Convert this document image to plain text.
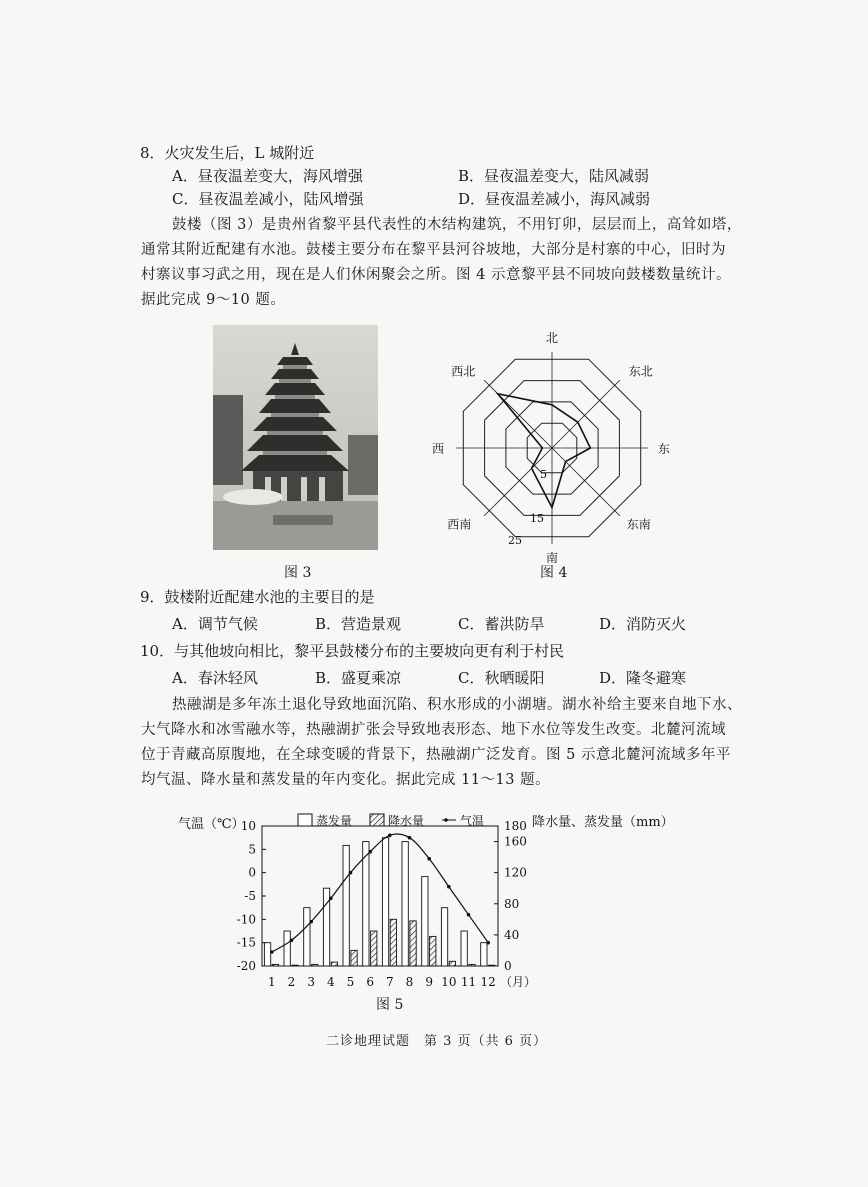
8．火灾发生后，L 城附近
A．昼夜温差变大，海风增强	B．昼夜温差变大，陆风减弱
C．昼夜温差减小，陆风增强	D．昼夜温差减小，海风减弱
鼓楼（图 3）是贵州省黎平县代表性的木结构建筑，不用钉卯，层层而上，高耸如塔，
通常其附近配建有水池。鼓楼主要分布在黎平县河谷坡地，大部分是村寨的中心，旧时为
村寨议事习武之用，现在是人们休闲聚会之所。图 4 示意黎平县不同坡向鼓楼数量统计。
据此完成 9～10 题。
图 3
北
东北
东
东南
南
西南
西
西北
5
15
25
图 4
9．鼓楼附近配建水池的主要目的是
A．调节气候	B．营造景观	C．蓄洪防旱	D．消防灭火
10．与其他坡向相比，黎平县鼓楼分布的主要坡向更有利于村民
A．春沐轻风	B．盛夏乘凉	C．秋晒暖阳	D．隆冬避寒
热融湖是多年冻土退化导致地面沉陷、积水形成的小湖塘。湖水补给主要来自地下水、
大气降水和冰雪融水等，热融湖扩张会导致地表形态、地下水位等发生改变。北麓河流域
位于青藏高原腹地，在全球变暖的背景下，热融湖广泛发育。图 5 示意北麓河流域多年平
均气温、降水量和蒸发量的年内变化。据此完成 11～13 题。
10
5
0
-5
-10
-15
-20
180
160
120
80
40
0
1 2 3 4 5 6 7 8 9 10 11 12
气温（℃）	降水量、蒸发量（mm）
（月）
蒸发量	降水量	气温
图 5
二诊地理试题　第 3 页（共 6 页）
